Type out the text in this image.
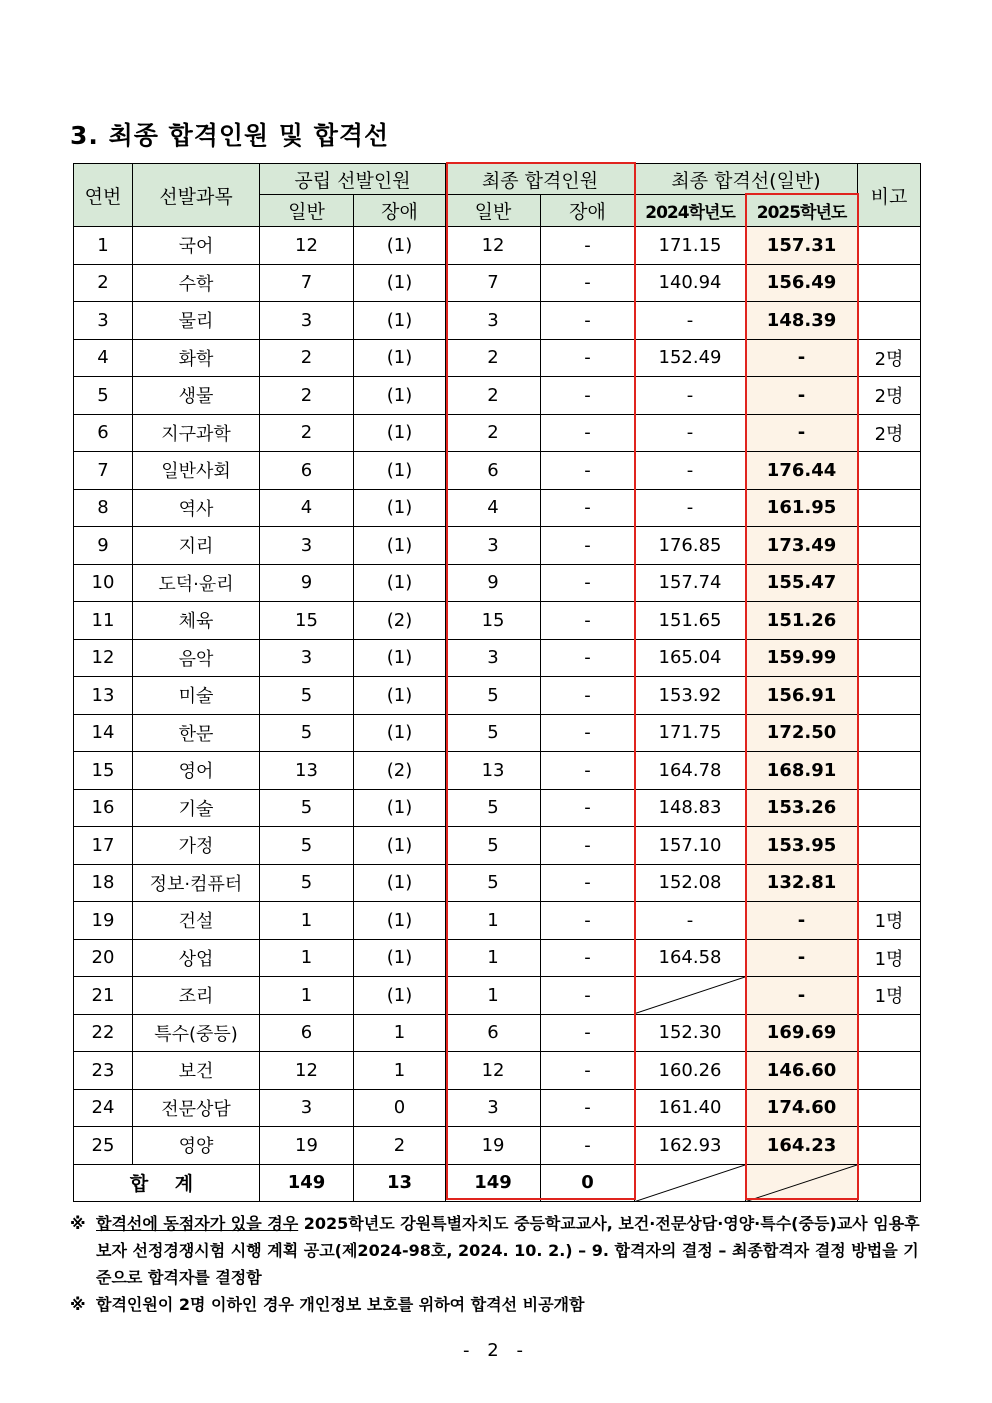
3. 최종 합격인원 및 합격선
연번	선발과목	공립 선발인원		최종 합격인원		최종 합격선(일반)		비고
		일반	장애	일반	장애	2024학년도	2025학년도	
1	국어	12	(1)	12	-	171.15	157.31	
2	수학	7	(1)	7	-	140.94	156.49	
3	물리	3	(1)	3	-	-	148.39	
4	화학	2	(1)	2	-	152.49	-	2명
5	생물	2	(1)	2	-	-	-	2명
6	지구과학	2	(1)	2	-	-	-	2명
7	일반사회	6	(1)	6	-	-	176.44	
8	역사	4	(1)	4	-	-	161.95	
9	지리	3	(1)	3	-	176.85	173.49	
10	도덕·윤리	9	(1)	9	-	157.74	155.47	
11	체육	15	(2)	15	-	151.65	151.26	
12	음악	3	(1)	3	-	165.04	159.99	
13	미술	5	(1)	5	-	153.92	156.91	
14	한문	5	(1)	5	-	171.75	172.50	
15	영어	13	(2)	13	-	164.78	168.91	
16	기술	5	(1)	5	-	148.83	153.26	
17	가정	5	(1)	5	-	157.10	153.95	
18	정보·컴퓨터	5	(1)	5	-	152.08	132.81	
19	건설	1	(1)	1	-	-	-	1명
20	상업	1	(1)	1	-	164.58	-	1명
21	조리	1	(1)	1	-		-	1명
22	특수(중등)	6	1	6	-	152.30	169.69	
23	보건	12	1	12	-	160.26	146.60	
24	전문상담	3	0	3	-	161.40	174.60	
25	영양	19	2	19	-	162.93	164.23	
합 계		149	13	149	0	

※ 합격선에 동점자가 있을 경우 2025학년도 강원특별자치도 중등학교교사, 보건·전문상담·영양·특수(중등)교사 임용후보자 선정경쟁시험 시행 계획 공고(제2024-98호, 2024. 10. 2.) – 9. 합격자의 결정 – 최종합격자 결정 방법을 기준으로 합격자를 결정함
※ 합격인원이 2명 이하인 경우 개인정보 보호를 위하여 합격선 비공개함
- 2 -
